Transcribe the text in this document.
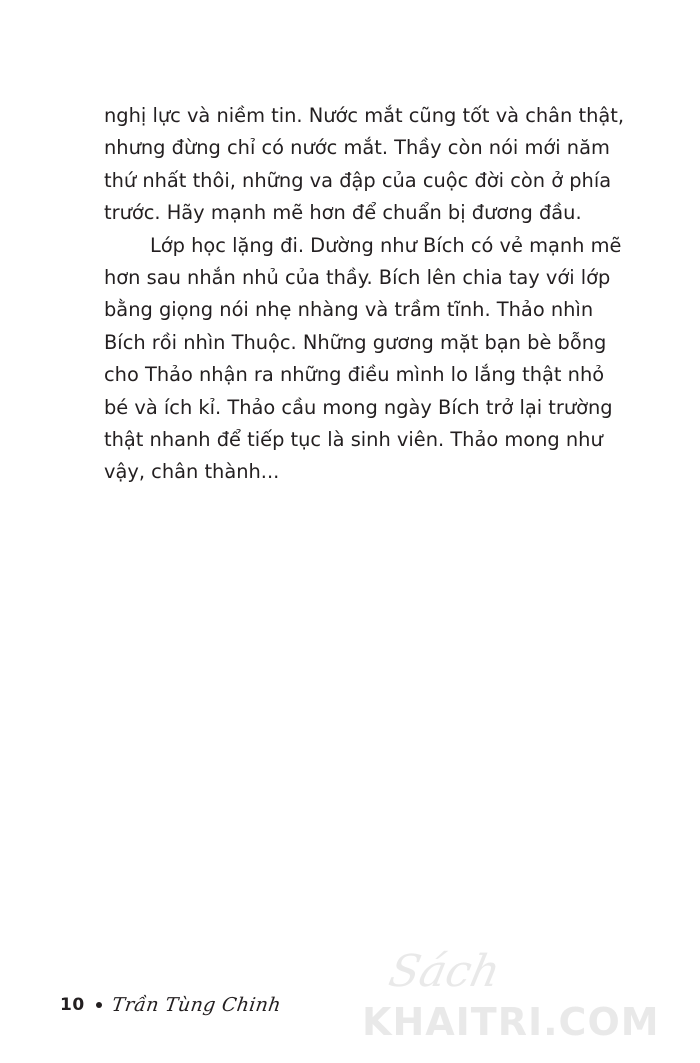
nghị lực và niềm tin. Nước mắt cũng tốt và chân thật,
nhưng đừng chỉ có nước mắt. Thầy còn nói mới năm
thứ nhất thôi, những va đập của cuộc đời còn ở phía
trước. Hãy mạnh mẽ hơn để chuẩn bị đương đầu.

Lớp học lặng đi. Dường như Bích có vẻ mạnh mẽ
hơn sau nhắn nhủ của thầy. Bích lên chia tay với lớp
bằng giọng nói nhẹ nhàng và trầm tĩnh. Thảo nhìn
Bích rồi nhìn Thuộc. Những gương mặt bạn bè bỗng
cho Thảo nhận ra những điều mình lo lắng thật nhỏ
bé và ích kỉ. Thảo cầu mong ngày Bích trở lại trường
thật nhanh để tiếp tục là sinh viên. Thảo mong như
vậy, chân thành...

10 Trần Tùng Chinh
Sách
KHAITRI.COM
